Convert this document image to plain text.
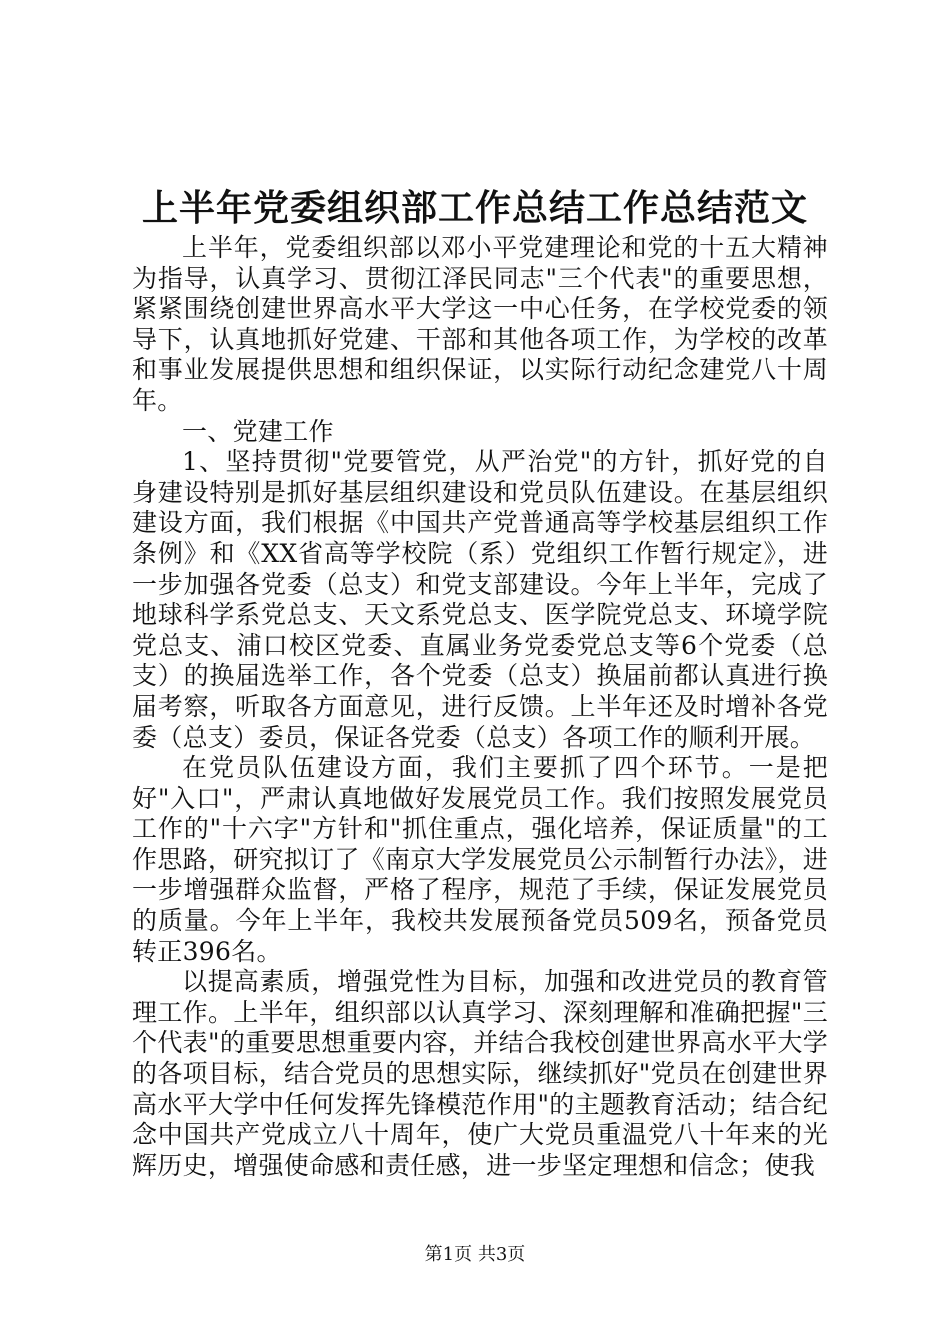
上半年党委组织部工作总结工作总结范文

上半年，党委组织部以邓小平党建理论和党的十五大精神为指导，认真学习、贯彻江泽民同志"三个代表"的重要思想，紧紧围绕创建世界高水平大学这一中心任务，在学校党委的领导下，认真地抓好党建、干部和其他各项工作，为学校的改革和事业发展提供思想和组织保证，以实际行动纪念建党八十周年。

一、党建工作

1、坚持贯彻"党要管党，从严治党"的方针，抓好党的自身建设特别是抓好基层组织建设和党员队伍建设。在基层组织建设方面，我们根据《中国共产党普通高等学校基层组织工作条例》和《XX省高等学校院（系）党组织工作暂行规定》，进一步加强各党委（总支）和党支部建设。今年上半年，完成了地球科学系党总支、天文系党总支、医学院党总支、环境学院党总支、浦口校区党委、直属业务党委党总支等6个党委（总支）的换届选举工作，各个党委（总支）换届前都认真进行换届考察，听取各方面意见，进行反馈。上半年还及时增补各党委（总支）委员，保证各党委（总支）各项工作的顺利开展。

在党员队伍建设方面，我们主要抓了四个环节。一是把好"入口"，严肃认真地做好发展党员工作。我们按照发展党员工作的"十六字"方针和"抓住重点，强化培养，保证质量"的工作思路，研究拟订了《南京大学发展党员公示制暂行办法》，进一步增强群众监督，严格了程序，规范了手续，保证发展党员的质量。今年上半年，我校共发展预备党员509名，预备党员转正396名。

以提高素质，增强党性为目标，加强和改进党员的教育管理工作。上半年，组织部以认真学习、深刻理解和准确把握"三个代表"的重要思想重要内容，并结合我校创建世界高水平大学的各项目标，结合党员的思想实际，继续抓好"党员在创建世界高水平大学中任何发挥先锋模范作用"的主题教育活动；结合纪念中国共产党成立八十周年，使广大党员重温党八十年来的光辉历史，增强使命感和责任感，进一步坚定理想和信念；使我

第1页 共3页
